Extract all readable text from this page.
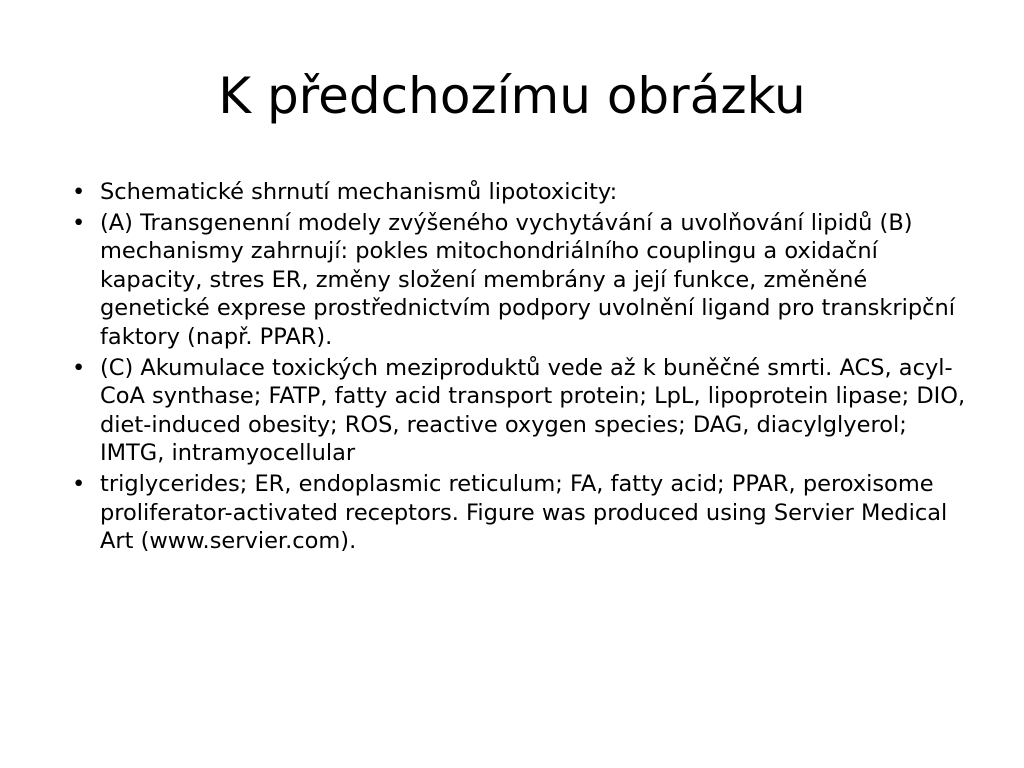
K předchozímu obrázku
• Schematické shrnutí mechanismů lipotoxicity:
• (A) Transgenenní modely zvýšeného vychytávání a uvolňování lipidů (B) mechanismy zahrnují: pokles mitochondriálního couplingu a oxidační kapacity, stres ER, změny složení membrány a její funkce, změněné genetické exprese prostřednictvím podpory uvolnění ligand pro transkripční faktory (např. PPAR).
• (C) Akumulace toxických meziproduktů vede až k buněčné smrti. ACS, acyl-CoA synthase; FATP, fatty acid transport protein; LpL, lipoprotein lipase; DIO, diet-induced obesity; ROS, reactive oxygen species; DAG, diacylglyerol; IMTG, intramyocellular
• triglycerides; ER, endoplasmic reticulum; FA, fatty acid; PPAR, peroxisome proliferator-activated receptors. Figure was produced using Servier Medical Art (www.servier.com).
